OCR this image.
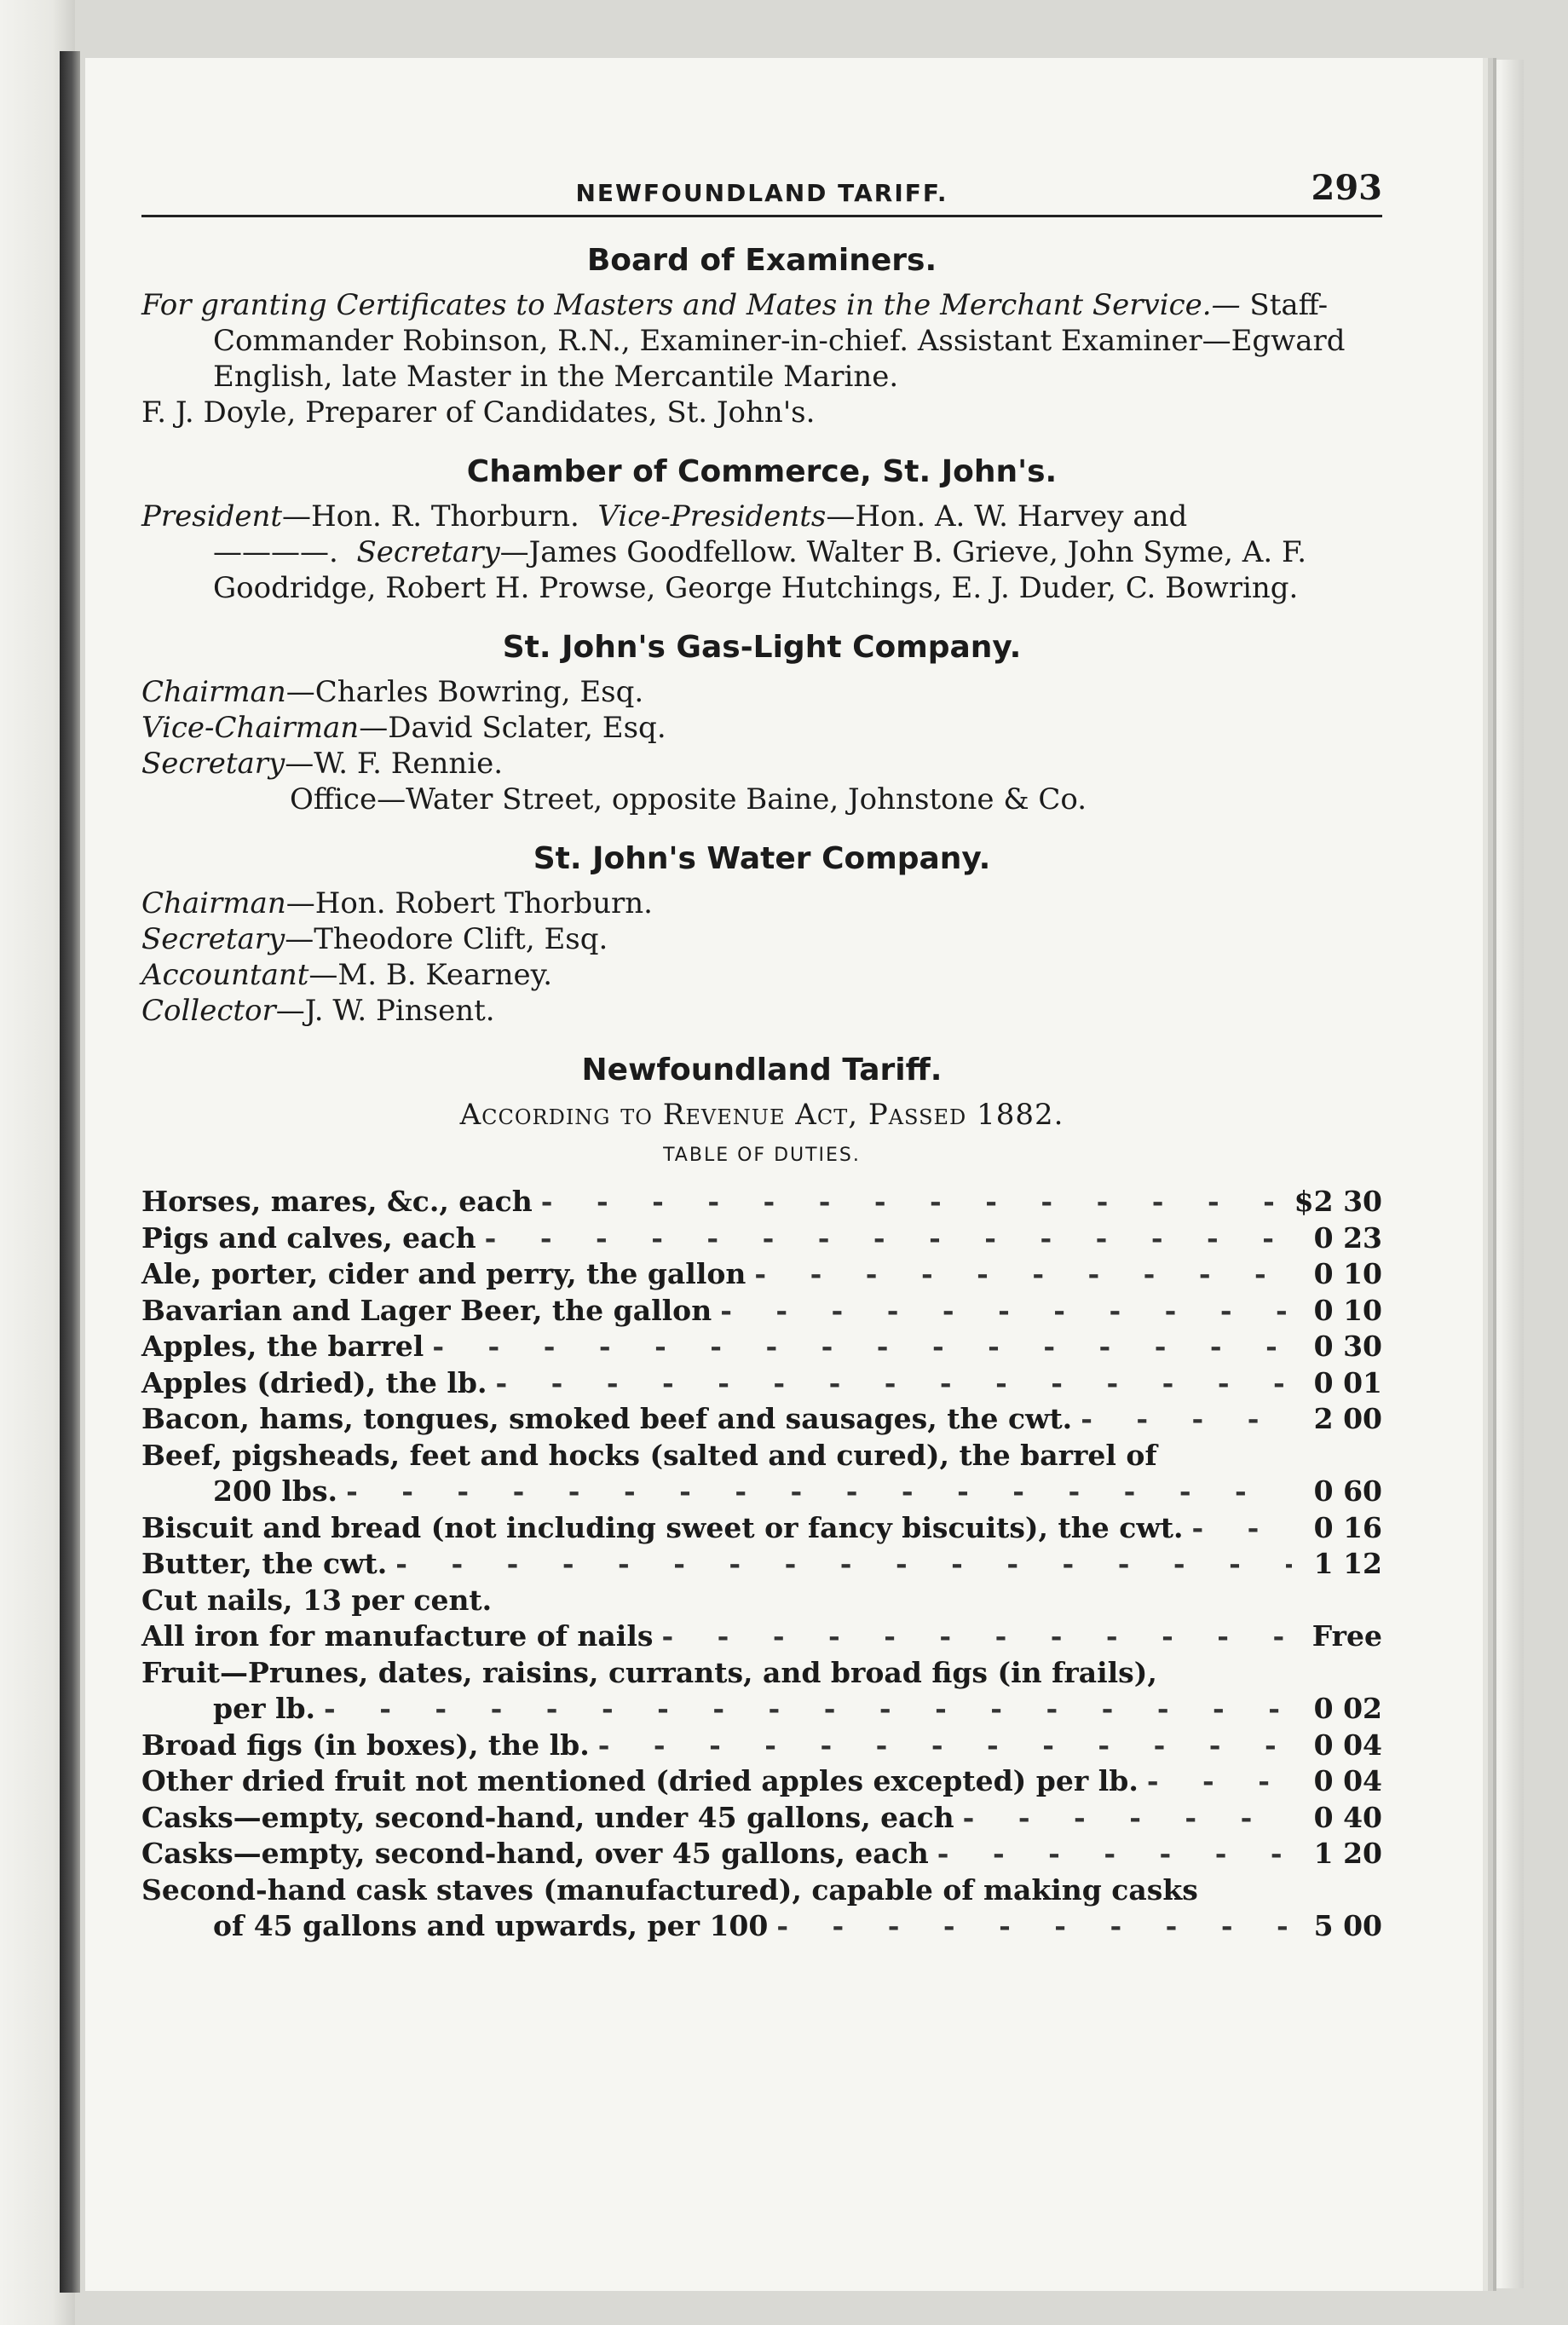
NEWFOUNDLAND TARIFF.	293
Board of Examiners.

For granting Certificates to Masters and Mates in the Merchant Service.— Staff-Commander Robinson, R.N., Examiner-in-chief. Assistant Examiner—Egward English, late Master in the Mercantile Marine.

F. J. Doyle, Preparer of Candidates, St. John's.

Chamber of Commerce, St. John's.

President—Hon. R. Thorburn. Vice-Presidents—Hon. A. W. Harvey and ————. Secretary—James Goodfellow. Walter B. Grieve, John Syme, A. F. Goodridge, Robert H. Prowse, George Hutchings, E. J. Duder, C. Bowring.

St. John's Gas-Light Company.

Chairman—Charles Bowring, Esq.

Vice-Chairman—David Sclater, Esq.

Secretary—W. F. Rennie.

Office—Water Street, opposite Baine, Johnstone & Co.

St. John's Water Company.

Chairman—Hon. Robert Thorburn.

Secretary—Theodore Clift, Esq.

Accountant—M. B. Kearney.

Collector—J. W. Pinsent.

Newfoundland Tariff.

According to Revenue Act, Passed 1882.

TABLE OF DUTIES.

Horses, mares, &c., each - - -	$2 30
Pigs and calves, each - - -	0 23
Ale, porter, cider and perry, the gallon - - -	0 10
Bavarian and Lager Beer, the gallon - - -	0 10
Apples, the barrel - - -	0 30
Apples (dried), the lb. - - -	0 01
Bacon, hams, tongues, smoked beef and sausages, the cwt. - - -	2 00
Beef, pigsheads, feet and hocks (salted and cured), the barrel of
200 lbs. - - -	0 60
Biscuit and bread (not including sweet or fancy biscuits), the cwt. - - -	0 16
Butter, the cwt. - - -	1 12
Cut nails, 13 per cent.
All iron for manufacture of nails - - -	Free
Fruit—Prunes, dates, raisins, currants, and broad figs (in frails),
per lb. - - -	0 02
Broad figs (in boxes), the lb. - - -	0 04
Other dried fruit not mentioned (dried apples excepted) per lb. - - -	0 04
Casks—empty, second-hand, under 45 gallons, each - - -	0 40
Casks—empty, second-hand, over 45 gallons, each - - -	1 20
Second-hand cask staves (manufactured), capable of making casks
of 45 gallons and upwards, per 100 - - -	5 00
